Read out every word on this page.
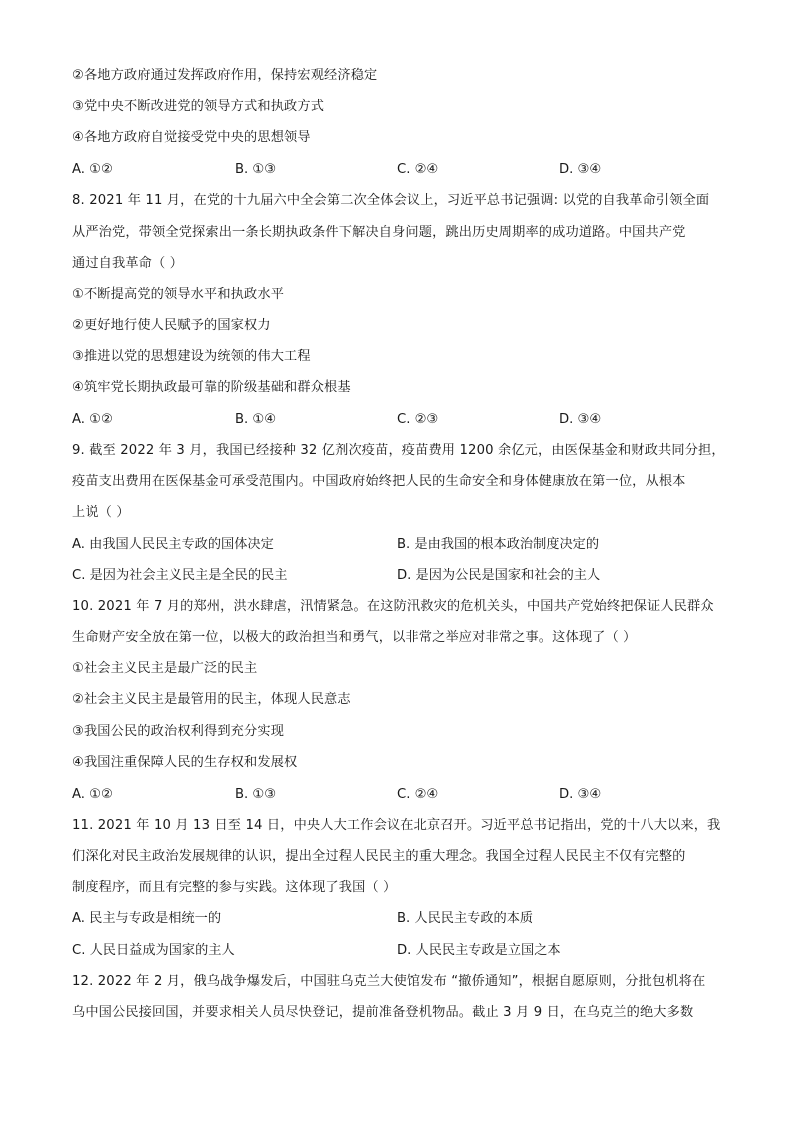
②各地方政府通过发挥政府作用，保持宏观经济稳定
③党中央不断改进党的领导方式和执政方式
④各地方政府自觉接受党中央的思想领导
A. ①②	B. ①③	C. ②④	D. ③④
8. 2021 年 11 月，在党的十九届六中全会第二次全体会议上，习近平总书记强调: 以党的自我革命引领全面
从严治党，带领全党探索出一条长期执政条件下解决自身问题，跳出历史周期率的成功道路。中国共产党
通过自我革命（ ）
①不断提高党的领导水平和执政水平
②更好地行使人民赋予的国家权力
③推进以党的思想建设为统领的伟大工程
④筑牢党长期执政最可靠的阶级基础和群众根基
A. ①②	B. ①④	C. ②③	D. ③④
9. 截至 2022 年 3 月，我国已经接种 32 亿剂次疫苗，疫苗费用 1200 余亿元，由医保基金和财政共同分担，
疫苗支出费用在医保基金可承受范围内。中国政府始终把人民的生命安全和身体健康放在第一位，从根本
上说（ ）
A. 由我国人民民主专政的国体决定	B. 是由我国的根本政治制度决定的
C. 是因为社会主义民主是全民的民主	D. 是因为公民是国家和社会的主人
10. 2021 年 7 月的郑州，洪水肆虐，汛情紧急。在这防汛救灾的危机关头，中国共产党始终把保证人民群众
生命财产安全放在第一位，以极大的政治担当和勇气，以非常之举应对非常之事。这体现了（ ）
①社会主义民主是最广泛的民主
②社会主义民主是最管用的民主，体现人民意志
③我国公民的政治权利得到充分实现
④我国注重保障人民的生存权和发展权
A. ①②	B. ①③	C. ②④	D. ③④
11. 2021 年 10 月 13 日至 14 日，中央人大工作会议在北京召开。习近平总书记指出，党的十八大以来，我
们深化对民主政治发展规律的认识，提出全过程人民民主的重大理念。我国全过程人民民主不仅有完整的
制度程序，而且有完整的参与实践。这体现了我国（ ）
A. 民主与专政是相统一的	B. 人民民主专政的本质
C. 人民日益成为国家的主人	D. 人民民主专政是立国之本
12. 2022 年 2 月，俄乌战争爆发后，中国驻乌克兰大使馆发布 “撤侨通知”，根据自愿原则，分批包机将在
乌中国公民接回国，并要求相关人员尽快登记，提前准备登机物品。截止 3 月 9 日，在乌克兰的绝大多数
